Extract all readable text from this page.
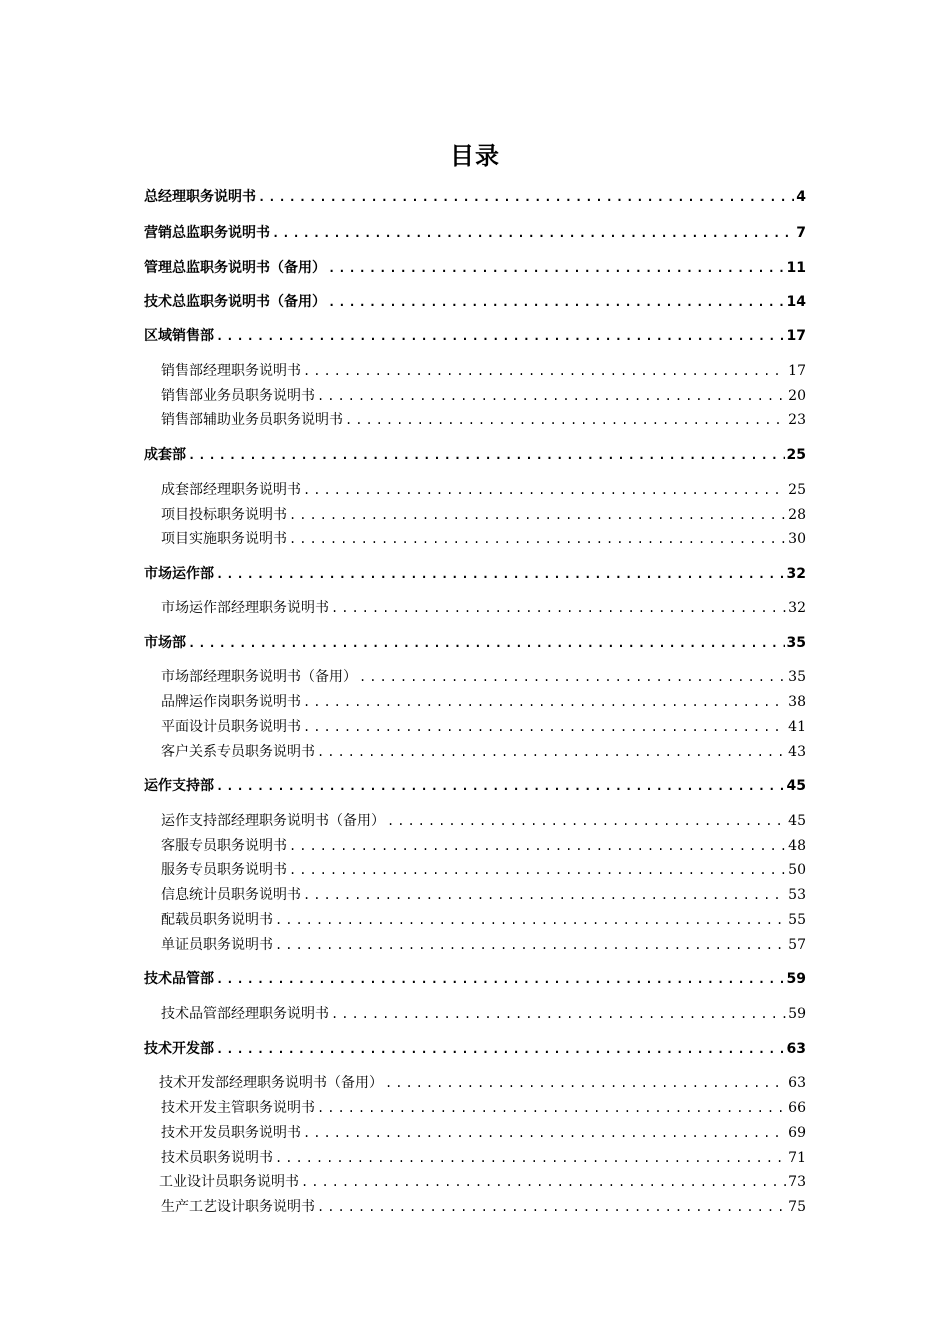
目录
总经理职务说明书 .....	4
营销总监职务说明书 .....	7
管理总监职务说明书（备用） .....	11
技术总监职务说明书（备用） .....	14
区域销售部 .....	17
销售部经理职务说明书 .....	17
销售部业务员职务说明书 .....	20
销售部辅助业务员职务说明书 .....	23
成套部 .....	25
成套部经理职务说明书 .....	25
项目投标职务说明书 .....	28
项目实施职务说明书 .....	30
市场运作部 .....	32
市场运作部经理职务说明书 .....	32
市场部 .....	35
市场部经理职务说明书（备用） .....	35
品牌运作岗职务说明书 .....	38
平面设计员职务说明书 .....	41
客户关系专员职务说明书 .....	43
运作支持部 .....	45
运作支持部经理职务说明书（备用） .....	45
客服专员职务说明书 .....	48
服务专员职务说明书 .....	50
信息统计员职务说明书 .....	53
配载员职务说明书 .....	55
单证员职务说明书 .....	57
技术品管部 .....	59
技术品管部经理职务说明书 .....	59
技术开发部 .....	63
技术开发部经理职务说明书（备用） .....	63
技术开发主管职务说明书 .....	66
技术开发员职务说明书 .....	69
技术员职务说明书 .....	71
工业设计员职务说明书 .....	73
生产工艺设计职务说明书 .....	75
